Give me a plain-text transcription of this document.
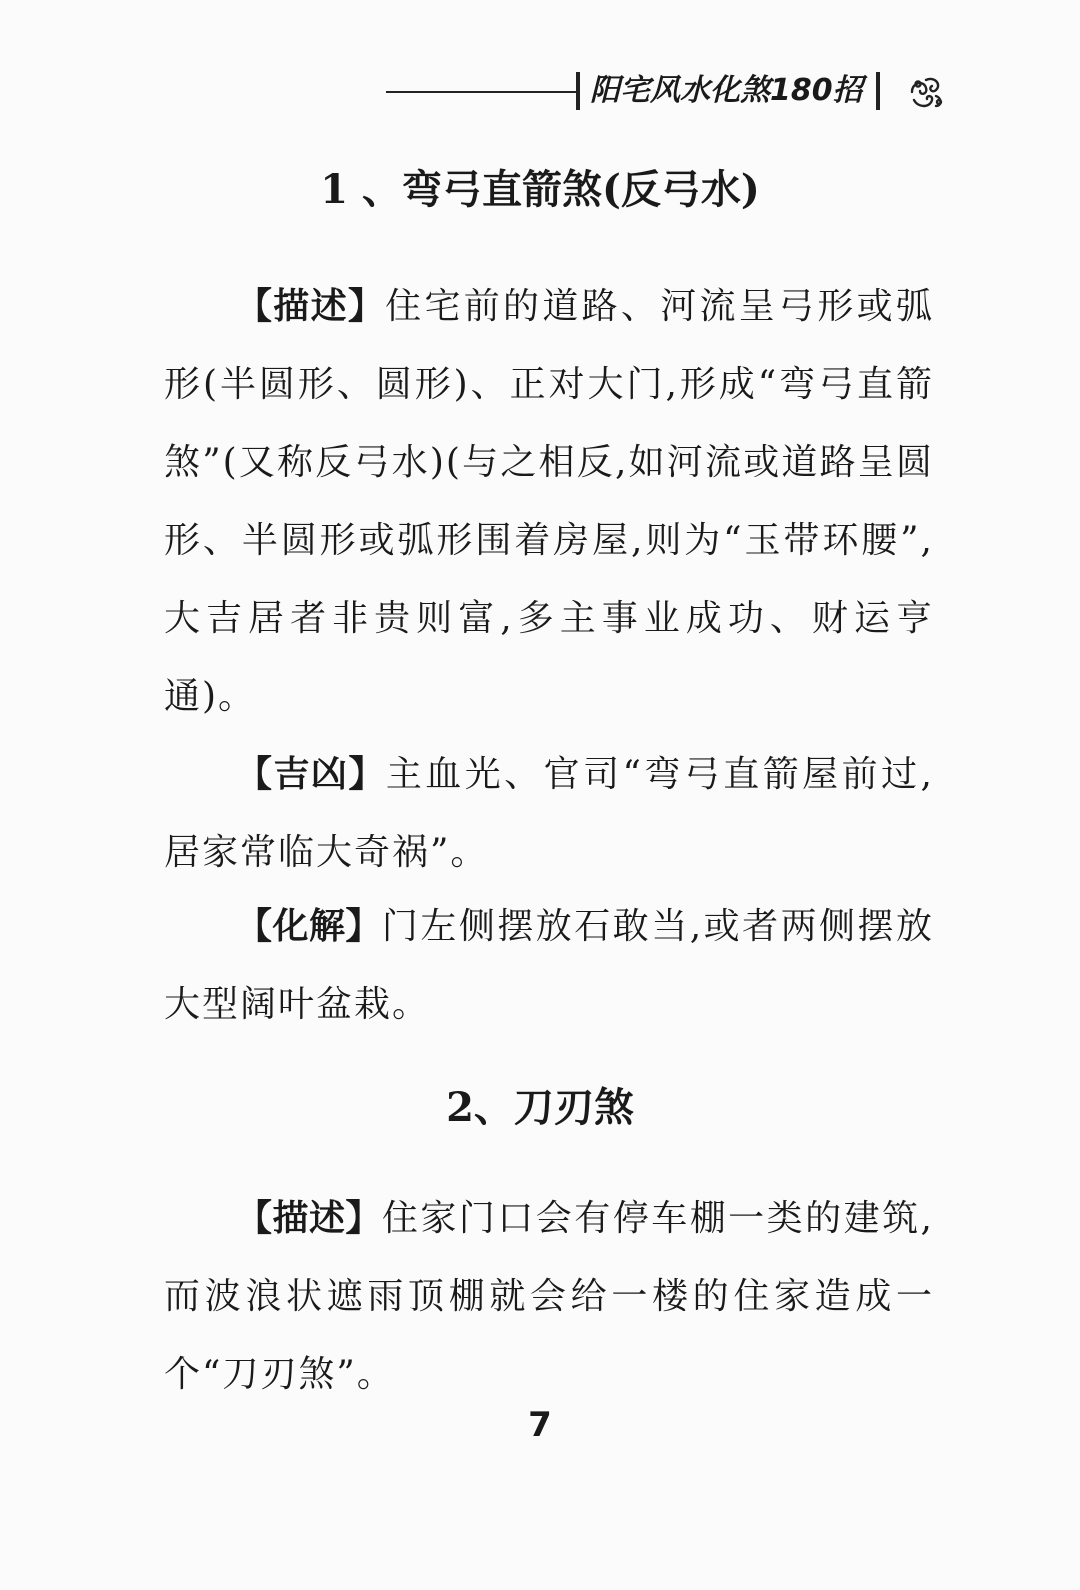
阳宅风水化煞180招
1 、弯弓直箭煞(反弓水)
【描述】住宅前的道路、河流呈弓形或弧形(半圆形、圆形)、正对大门,形成“弯弓直箭煞”(又称反弓水)(与之相反,如河流或道路呈圆形、半圆形或弧形围着房屋,则为“玉带环腰”,大吉居者非贵则富,多主事业成功、财运亨通)。
【吉凶】主血光、官司“弯弓直箭屋前过,居家常临大奇祸”。
【化解】门左侧摆放石敢当,或者两侧摆放大型阔叶盆栽。
2、刀刃煞
【描述】住家门口会有停车棚一类的建筑,而波浪状遮雨顶棚就会给一楼的住家造成一个“刀刃煞”。
7
